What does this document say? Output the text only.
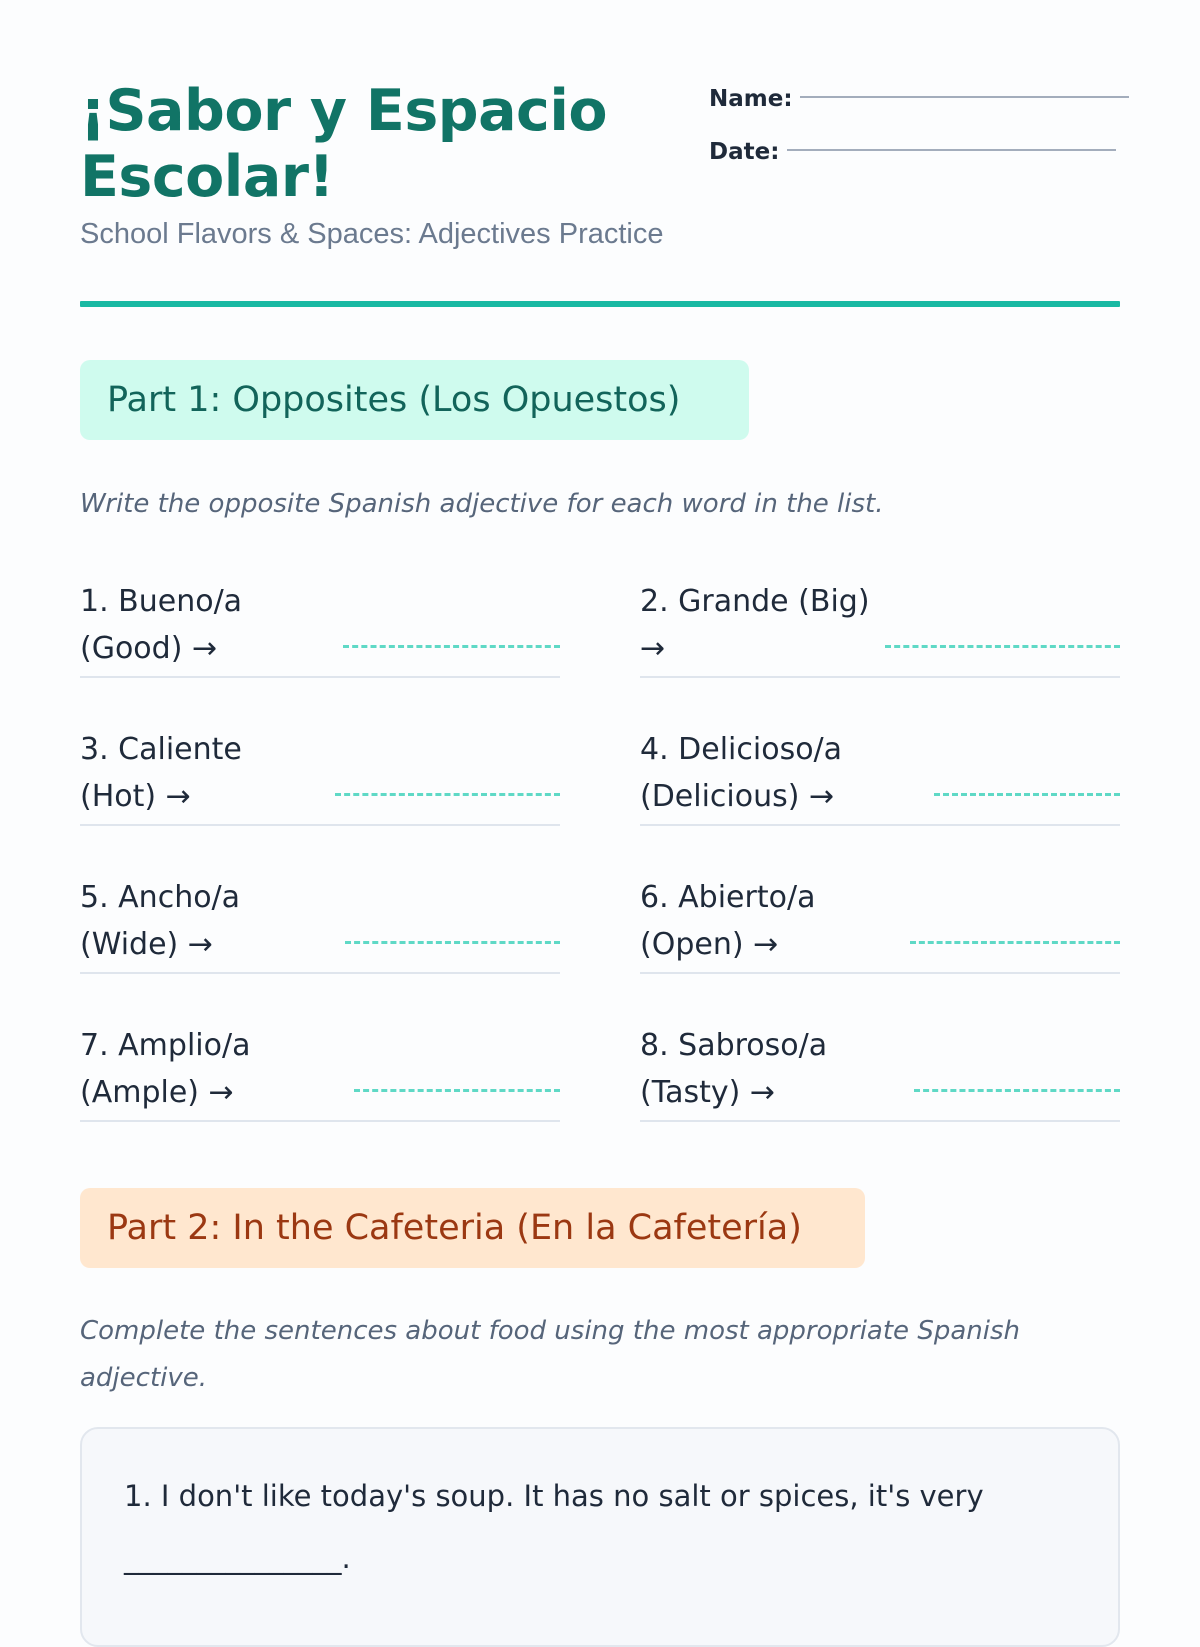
¡Sabor y Espacio Escolar!
School Flavors & Spaces: Adjectives Practice
Name:
Date:
Part 1: Opposites (Los Opuestos)
Write the opposite Spanish adjective for each word in the list.
1. Bueno/a (Good) →
2. Grande (Big) →
3. Caliente (Hot) →
4. Delicioso/a (Delicious) →
5. Ancho/a (Wide) →
6. Abierto/a (Open) →
7. Amplio/a (Ample) →
8. Sabroso/a (Tasty) →
Part 2: In the Cafeteria (En la Cafetería)
Complete the sentences about food using the most appropriate Spanish adjective.
1. I don't like today's soup. It has no salt or spices, it's very _______________.
